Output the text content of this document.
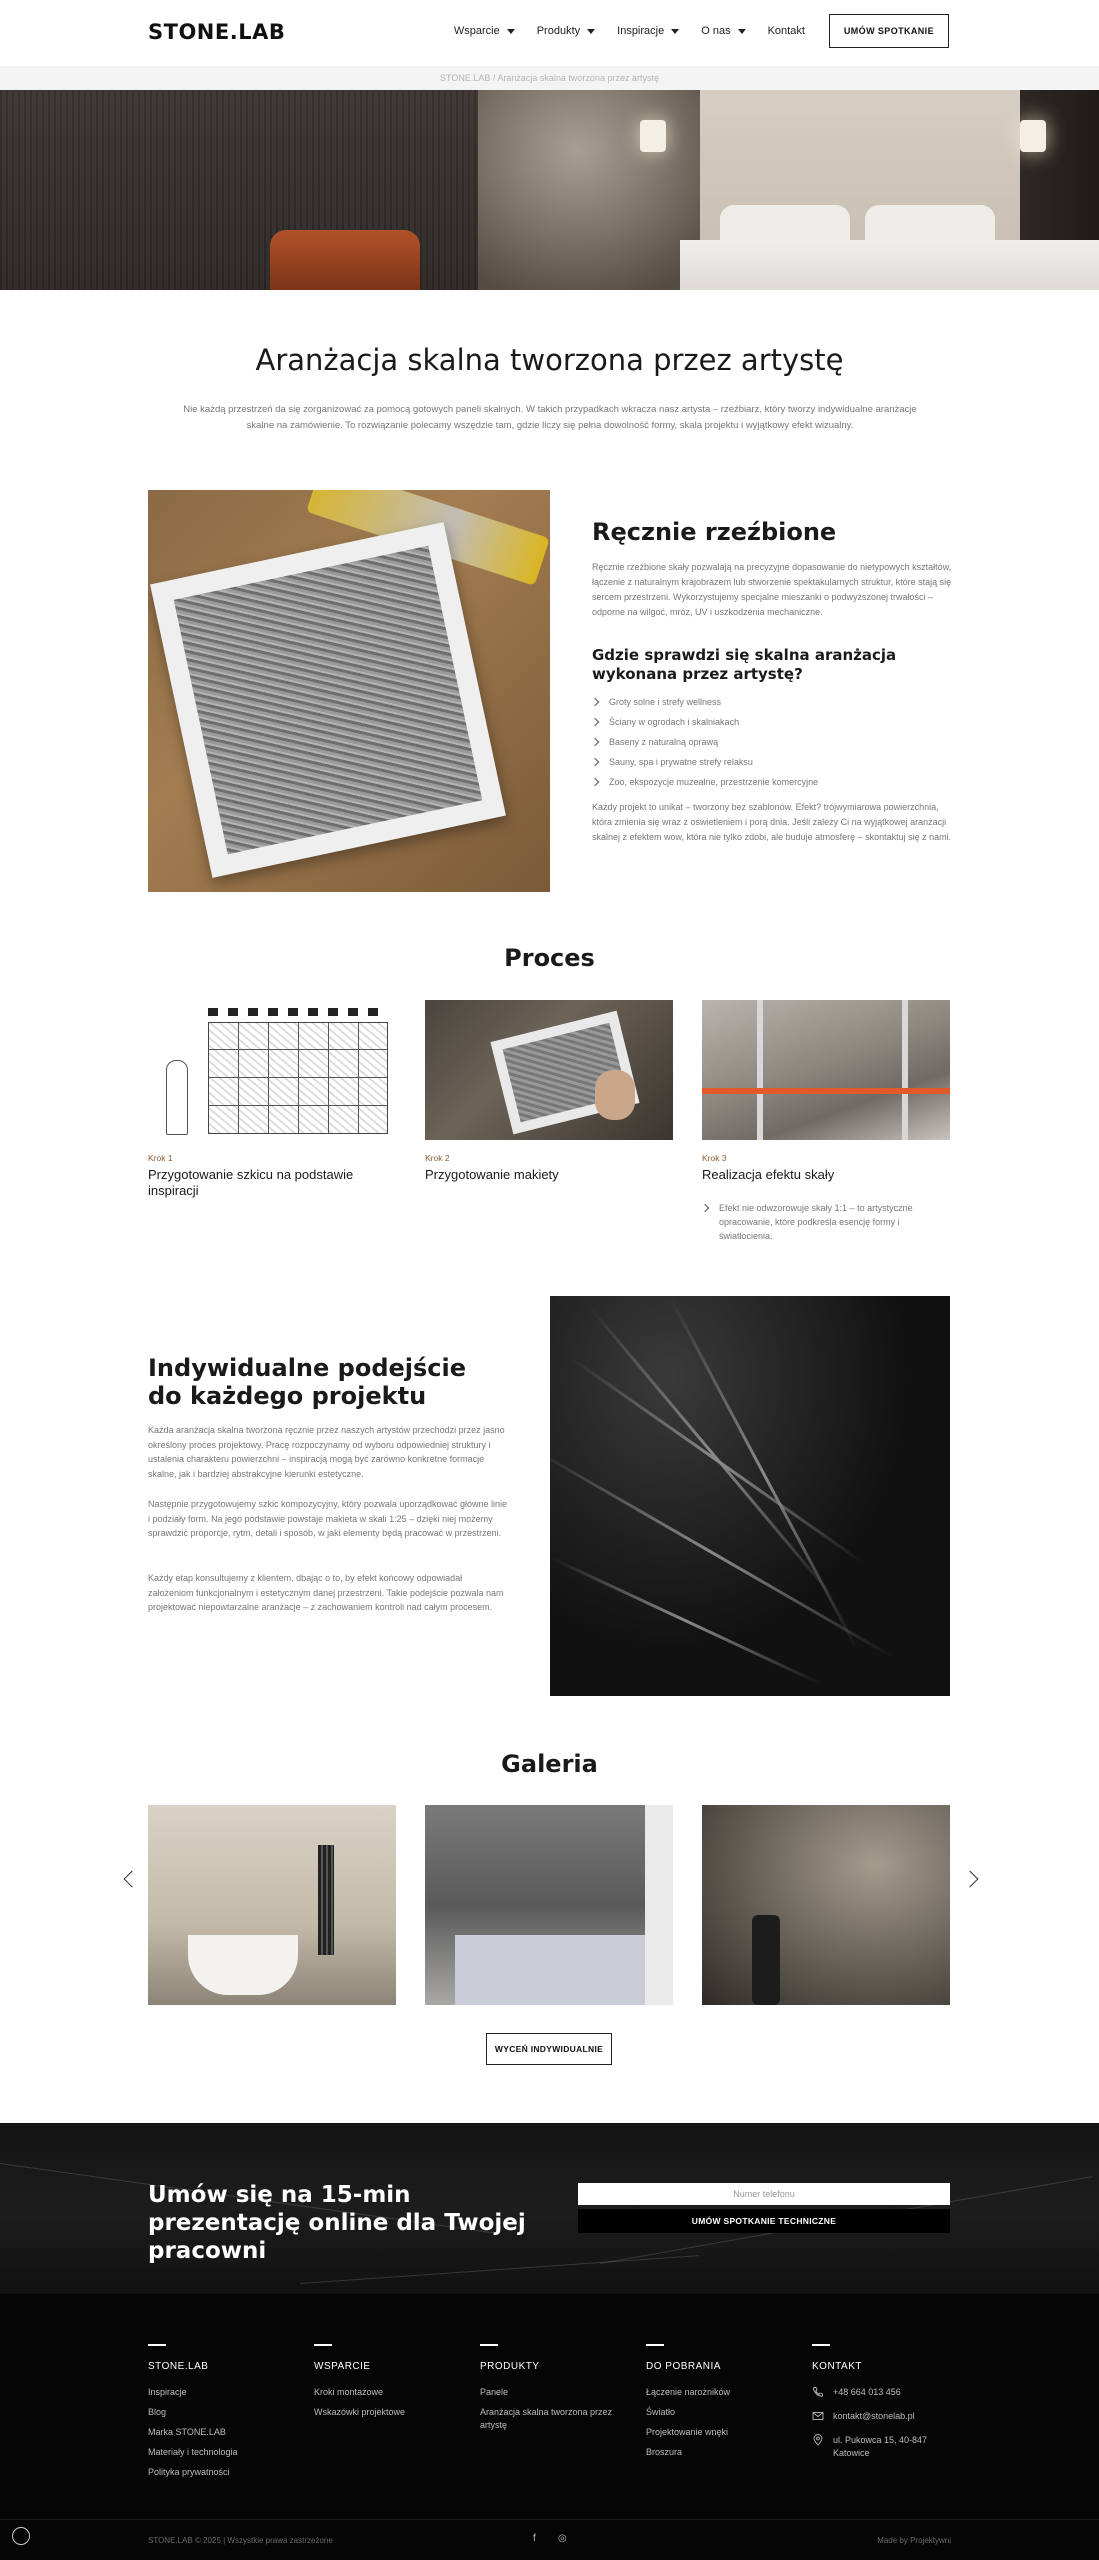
STONE.LAB	Wsparcie	Produkty	Inspiracje	O nas	Kontakt	UMÓW SPOTKANIE
STONE.LAB / Aranżacja skalna tworzona przez artystę
Aranżacja skalna tworzona przez artystę

Nie każdą przestrzeń da się zorganizować za pomocą gotowych paneli skalnych. W takich przypadkach wkracza nasz artysta – rzeźbiarz, który tworzy indywidualne aranżacje skalne na zamówienie. To rozwiązanie polecamy wszędzie tam, gdzie liczy się pełna dowolność formy, skala projektu i wyjątkowy efekt wizualny.

Ręcznie rzeźbione

Ręcznie rzeźbione skały pozwalają na precyzyjne dopasowanie do nietypowych kształtów, łączenie z naturalnym krajobrazem lub stworzenie spektakularnych struktur, które stają się sercem przestrzeni. Wykorzystujemy specjalne mieszanki o podwyższonej trwałości – odporne na wilgoć, mróz, UV i uszkodzenia mechaniczne.

Gdzie sprawdzi się skalna aranżacja wykonana przez artystę?
Groty solne i strefy wellness
Ściany w ogrodach i skalniakach
Baseny z naturalną oprawą
Sauny, spa i prywatne strefy relaksu
Zoo, ekspozycje muzealne, przestrzenie komercyjne

Każdy projekt to unikat – tworzony bez szablonów. Efekt? trójwymiarowa powierzchnia, która zmienia się wraz z oświetleniem i porą dnia. Jeśli zależy Ci na wyjątkowej aranżacji skalnej z efektem wow, która nie tylko zdobi, ale buduje atmosferę – skontaktuj się z nami.

Proces
Krok 1
Przygotowanie szkicu na podstawie inspiracji
Krok 2
Przygotowanie makiety
Krok 3
Realizacja efektu skały
Efekt nie odwzorowuje skały 1:1 – to artystyczne opracowanie, które podkreśla esencję formy i światłocienia.
Indywidualne podejście do każdego projektu

Każda aranżacja skalna tworzona ręcznie przez naszych artystów przechodzi przez jasno określony proces projektowy. Pracę rozpoczynamy od wyboru odpowiedniej struktury i ustalenia charakteru powierzchni – inspiracją mogą być zarówno konkretne formacje skalne, jak i bardziej abstrakcyjne kierunki estetyczne.

Następnie przygotowujemy szkic kompozycyjny, który pozwala uporządkować główne linie i podziały form. Na jego podstawie powstaje makieta w skali 1:25 – dzięki niej możemy sprawdzić proporcje, rytm, detali i sposób, w jaki elementy będą pracować w przestrzeni.

Każdy etap konsultujemy z klientem, dbając o to, by efekt końcowy odpowiadał założeniom funkcjonalnym i estetycznym danej przestrzeni. Takie podejście pozwala nam projektować niepowtarzalne aranżacje – z zachowaniem kontroli nad całym procesem.

Galeria
WYCEŃ INDYWIDUALNIE
Umów się na 15-min prezentację online dla Twojej pracowni
Numer telefonu
UMÓW SPOTKANIE TECHNICZNE
STONE.LAB
Inspiracje
Blog
Marka STONE.LAB
Materiały i technologia
Polityka prywatności
WSPARCIE
Kroki montażowe
Wskazówki projektowe
PRODUKTY
Panele
Aranżacja skalna tworzona przez artystę
DO POBRANIA
Łączenie narożników
Światło
Projektowanie wnęki
Broszura
KONTAKT
+48 664 013 456
kontakt@stonelab.pl
ul. Pukowca 15, 40-847 Katowice
STONE.LAB © 2025 | Wszystkie prawa zastrzeżone	f ◎	Made by Projektywni
